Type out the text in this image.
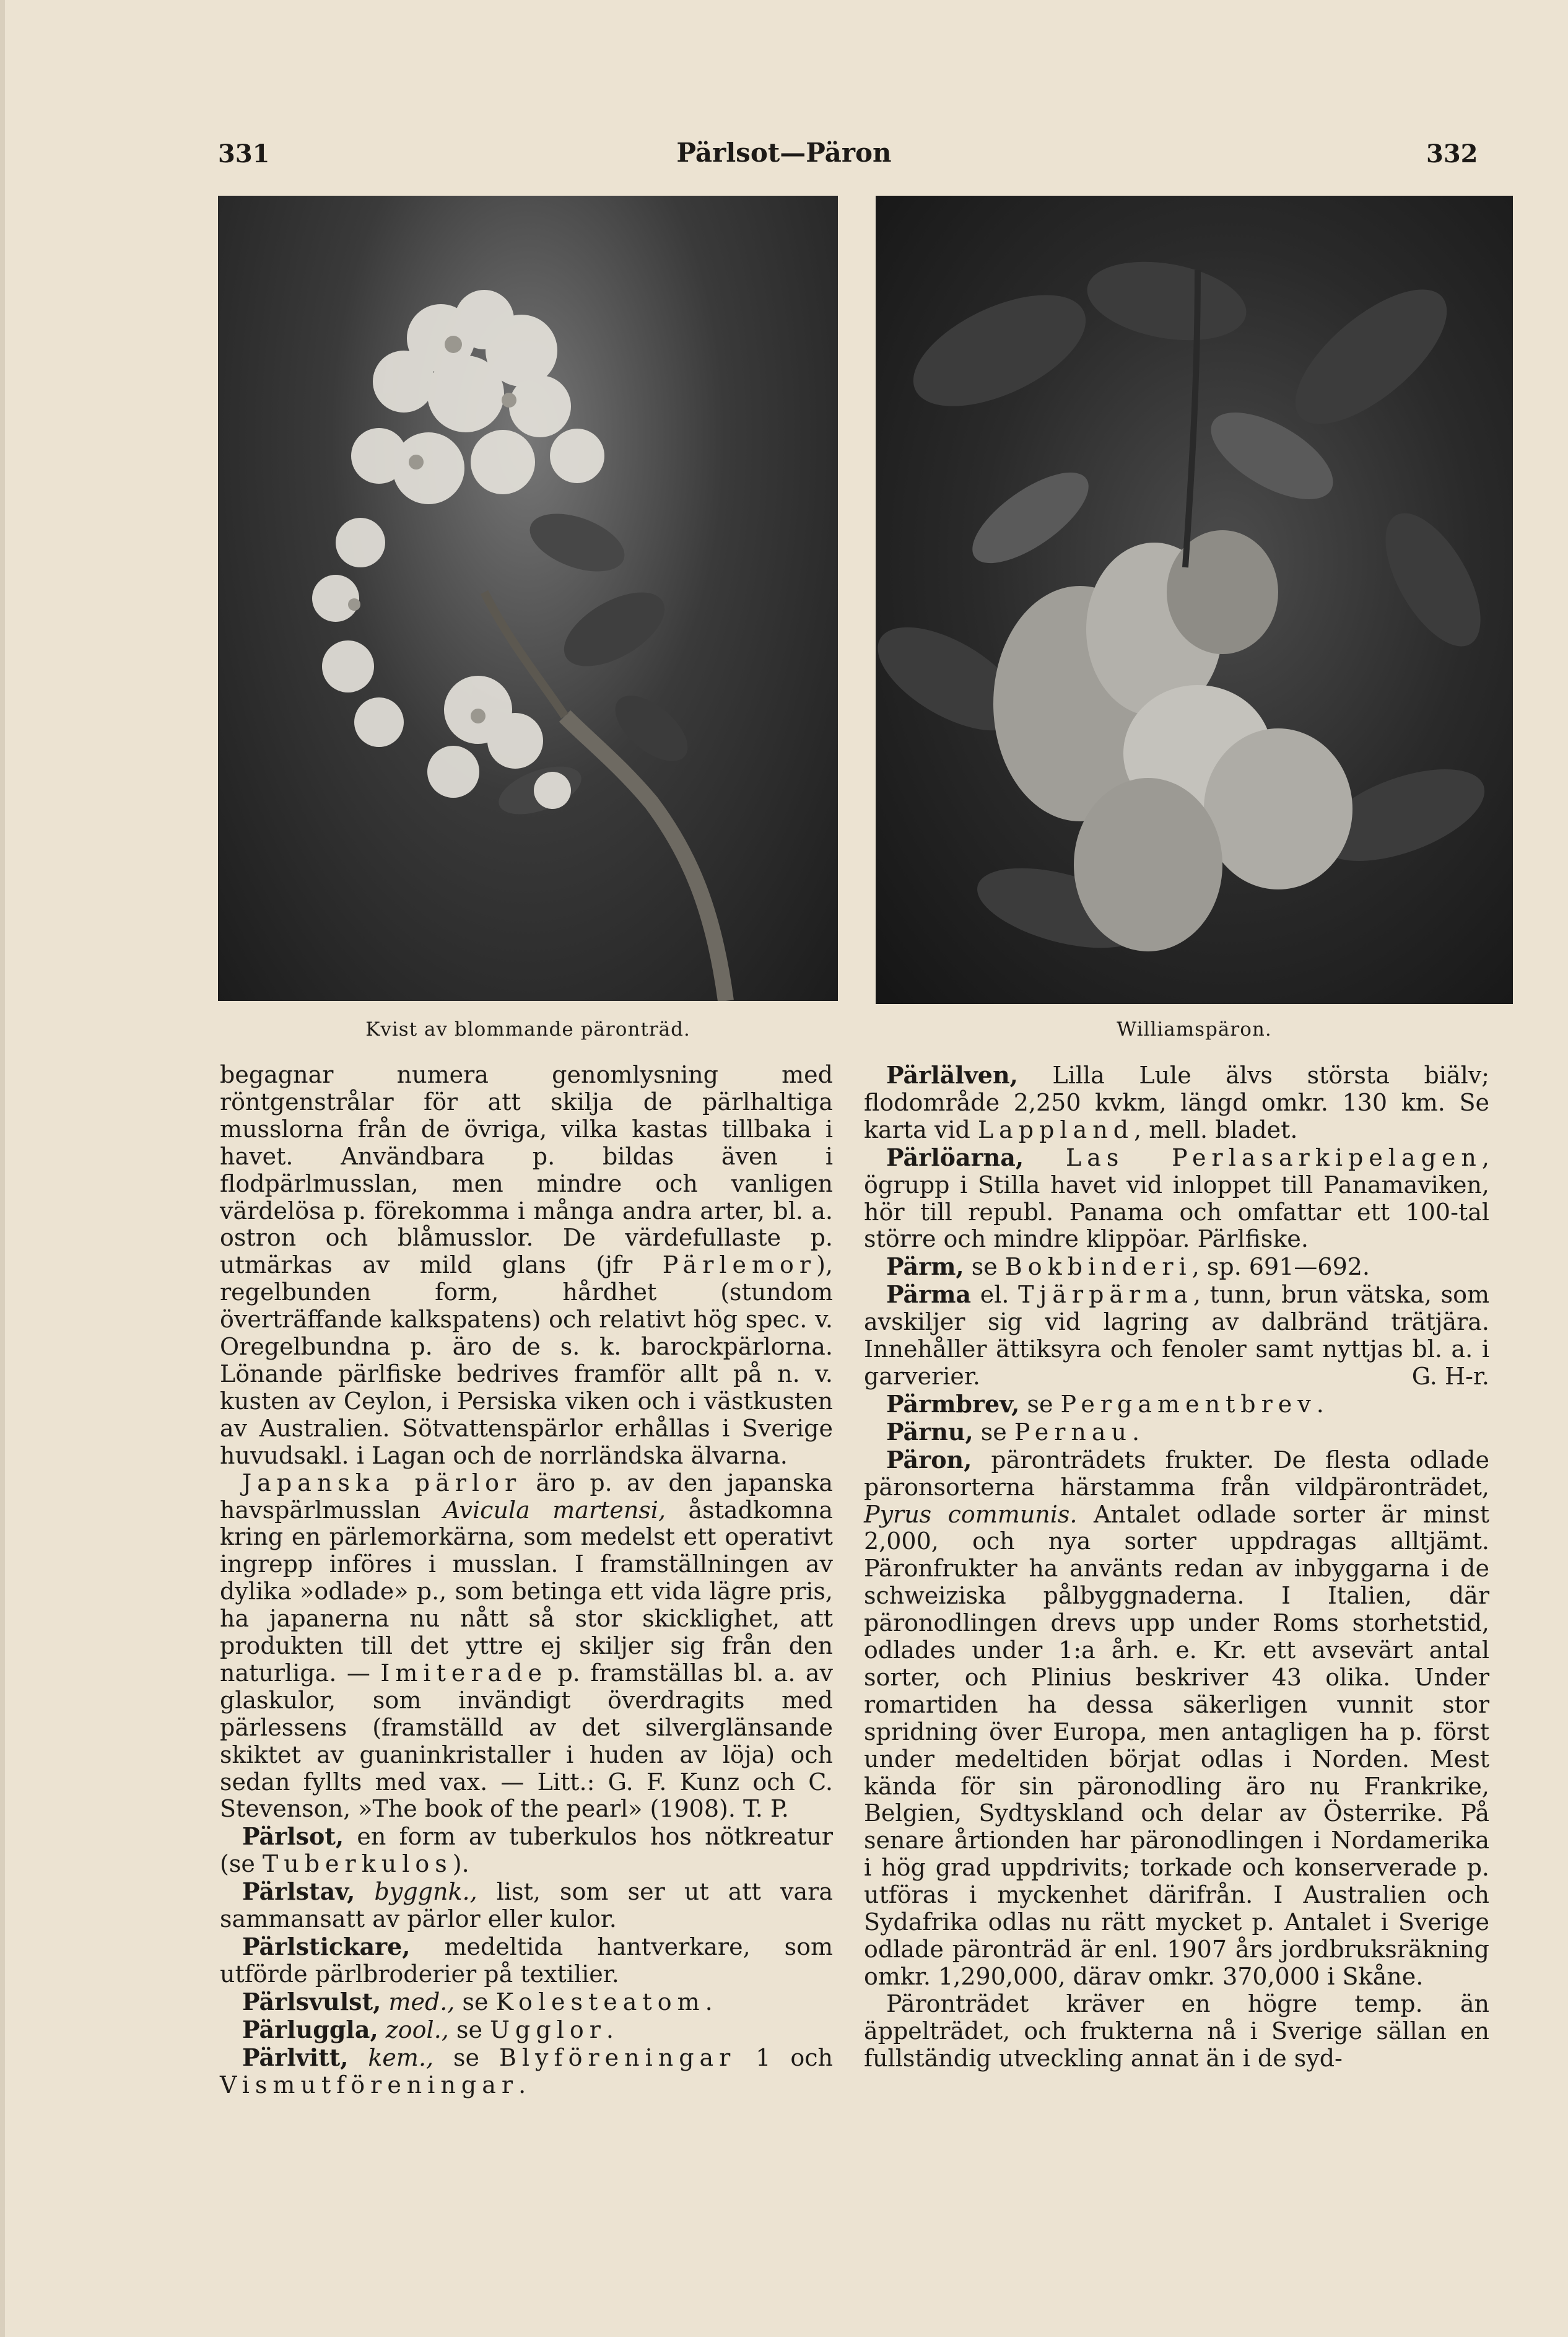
331	Pärlsot—Päron	332
Kvist av blommande päronträd.	Williamspäron.

begagnar numera genomlysning med röntgenstrålar för att skilja de pärlhaltiga musslorna från de övriga, vilka kastas tillbaka i havet. Användbara p. bildas även i flodpärlmusslan, men mindre och vanligen värdelösa p. förekomma i många andra arter, bl. a. ostron och blåmusslor. De värdefullaste p. utmärkas av mild glans (jfr Pärlemor), regelbunden form, hårdhet (stundom överträffande kalkspatens) och relativt hög spec. v. Oregelbundna p. äro de s. k. barockpärlorna. Lönande pärlfiske bedrives framför allt på n. v. kusten av Ceylon, i Persiska viken och i västkusten av Australien. Sötvattenspärlor erhållas i Sverige huvudsakl. i Lagan och de norrländska älvarna.

Japanska pärlor äro p. av den japanska havspärlmusslan Avicula martensi, åstadkomna kring en pärlemorkärna, som medelst ett operativt ingrepp införes i musslan. I framställningen av dylika »odlade» p., som betinga ett vida lägre pris, ha japanerna nu nått så stor skicklighet, att produkten till det yttre ej skiljer sig från den naturliga. — Imiterade p. framställas bl. a. av glaskulor, som invändigt överdragits med pärlessens (framställd av det silverglänsande skiktet av guaninkristaller i huden av löja) och sedan fyllts med vax. — Litt.: G. F. Kunz och C. Stevenson, »The book of the pearl» (1908). T. P.

Pärlsot, en form av tuberkulos hos nötkreatur (se Tuberkulos).

Pärlstav, byggnk., list, som ser ut att vara sammansatt av pärlor eller kulor.

Pärlstickare, medeltida hantverkare, som utförde pärlbroderier på textilier.

Pärlsvulst, med., se Kolesteatom.

Pärluggla, zool., se Ugglor.

Pärlvitt, kem., se Blyföreningar 1 och Vismutföreningar.

Pärlälven, Lilla Lule älvs största biälv; flodområde 2,250 kvkm, längd omkr. 130 km. Se karta vid Lappland, mell. bladet.

Pärlöarna, Las Perlasarkipelagen, ögrupp i Stilla havet vid inloppet till Panamaviken, hör till republ. Panama och omfattar ett 100-tal större och mindre klippöar. Pärlfiske.

Pärm, se Bokbinderi, sp. 691—692.

Pärma el. Tjärpärma, tunn, brun vätska, som avskiljer sig vid lagring av dalbränd trätjära. Innehåller ättiksyra och fenoler samt nyttjas bl. a. i garverier.	G. H-r.

Pärmbrev, se Pergamentbrev.

Pärnu, se Pernau.

Päron, päronträdets frukter. De flesta odlade päronsorterna härstamma från vildpäronträdet, Pyrus communis. Antalet odlade sorter är minst 2,000, och nya sorter uppdragas alltjämt. Päronfrukter ha använts redan av inbyggarna i de schweiziska pålbyggnaderna. I Italien, där päronodlingen drevs upp under Roms storhetstid, odlades under 1:a årh. e. Kr. ett avsevärt antal sorter, och Plinius beskriver 43 olika. Under romartiden ha dessa säkerligen vunnit stor spridning över Europa, men antagligen ha p. först under medeltiden börjat odlas i Norden. Mest kända för sin päronodling äro nu Frankrike, Belgien, Sydtyskland och delar av Österrike. På senare årtionden har päronodlingen i Nordamerika i hög grad uppdrivits; torkade och konserverade p. utföras i myckenhet därifrån. I Australien och Sydafrika odlas nu rätt mycket p. Antalet i Sverige odlade päronträd är enl. 1907 års jordbruksräkning omkr. 1,290,000, därav omkr. 370,000 i Skåne.

Päronträdet kräver en högre temp. än äppelträdet, och frukterna nå i Sverige sällan en fullständig utveckling annat än i de syd-
